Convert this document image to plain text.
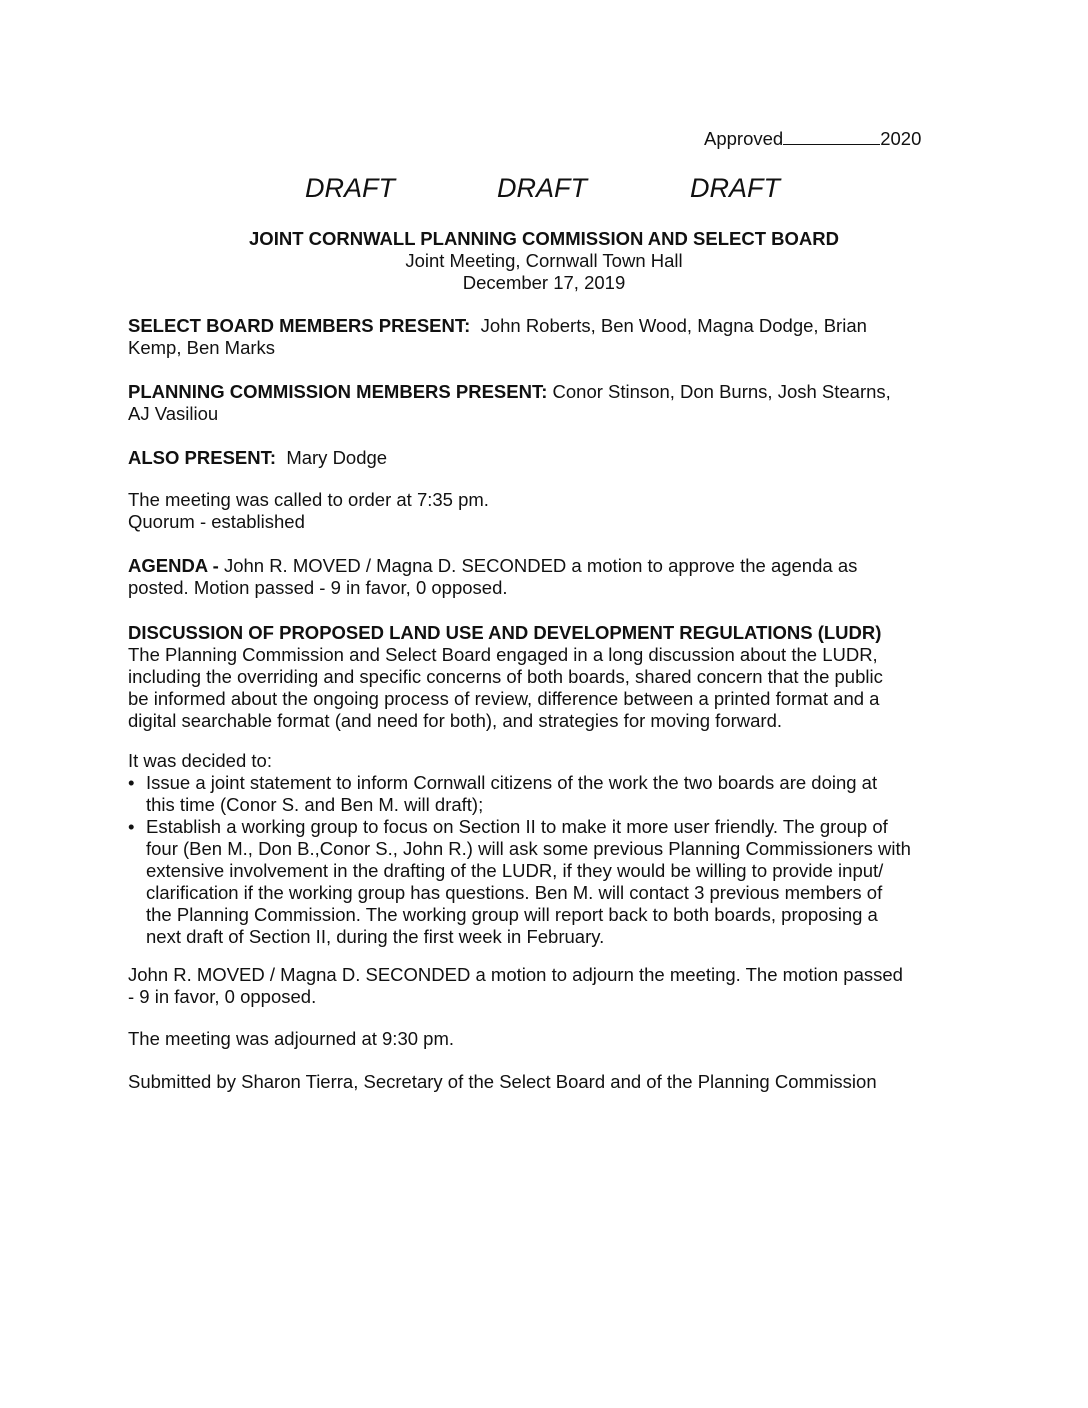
Approved	2020
DRAFT	DRAFT	DRAFT
JOINT CORNWALL PLANNING COMMISSION AND SELECT BOARD
Joint Meeting, Cornwall Town Hall
December 17, 2019
SELECT BOARD MEMBERS PRESENT: John Roberts, Ben Wood, Magna Dodge, Brian
Kemp, Ben Marks
PLANNING COMMISSION MEMBERS PRESENT: Conor Stinson, Don Burns, Josh Stearns,
AJ Vasiliou
ALSO PRESENT: Mary Dodge
The meeting was called to order at 7:35 pm.
Quorum - established
AGENDA - John R. MOVED / Magna D. SECONDED a motion to approve the agenda as
posted. Motion passed - 9 in favor, 0 opposed.
DISCUSSION OF PROPOSED LAND USE AND DEVELOPMENT REGULATIONS (LUDR)
The Planning Commission and Select Board engaged in a long discussion about the LUDR,
including the overriding and specific concerns of both boards, shared concern that the public
be informed about the ongoing process of review, difference between a printed format and a
digital searchable format (and need for both), and strategies for moving forward.
It was decided to:
• Issue a joint statement to inform Cornwall citizens of the work the two boards are doing at
this time (Conor S. and Ben M. will draft);
• Establish a working group to focus on Section II to make it more user friendly. The group of
four (Ben M., Don B.,Conor S., John R.) will ask some previous Planning Commissioners with
extensive involvement in the drafting of the LUDR, if they would be willing to provide input/
clarification if the working group has questions. Ben M. will contact 3 previous members of
the Planning Commission. The working group will report back to both boards, proposing a
next draft of Section II, during the first week in February.
John R. MOVED / Magna D. SECONDED a motion to adjourn the meeting. The motion passed
- 9 in favor, 0 opposed.
The meeting was adjourned at 9:30 pm.
Submitted by Sharon Tierra, Secretary of the Select Board and of the Planning Commission
